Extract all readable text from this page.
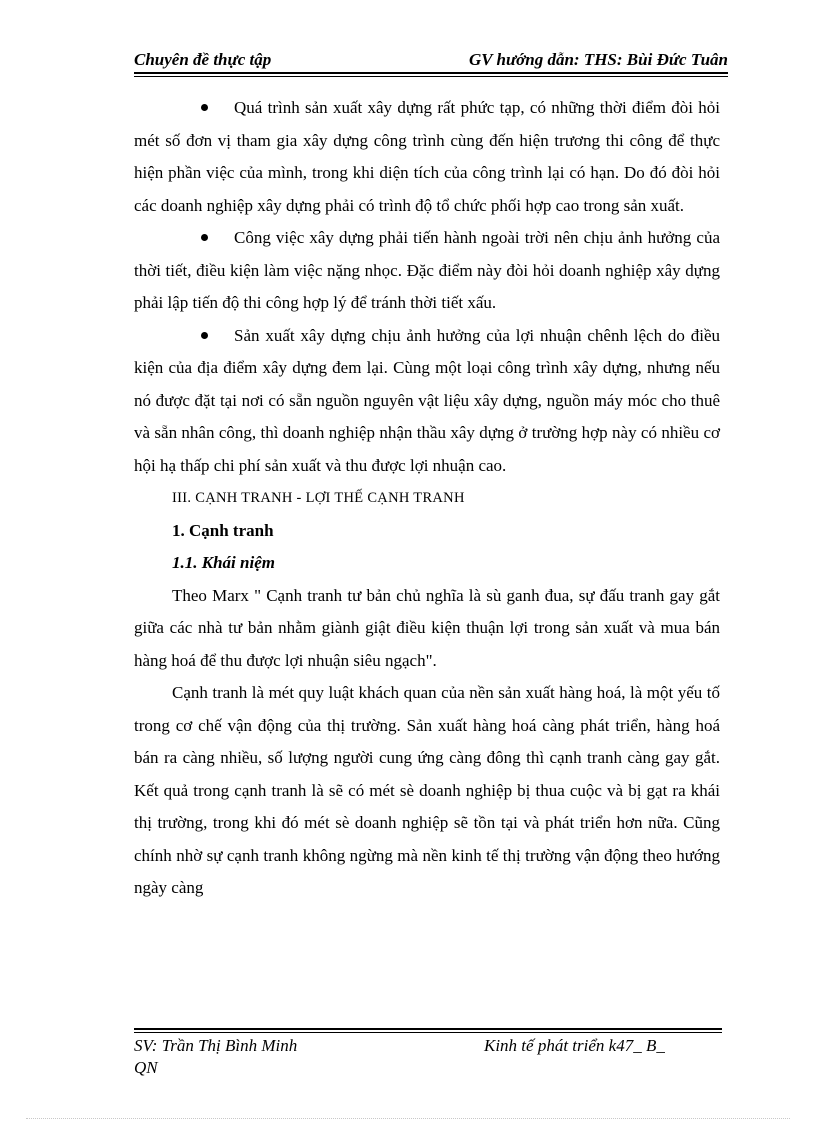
Chuyên đề thực tập	GV hướng dẫn: THS: Bùi Đức Tuân

Quá trình sản xuất xây dựng rất phức tạp, có những thời điểm đòi hỏi mét số đơn vị tham gia xây dựng công trình cùng đến hiện trương thi công để thực hiện phần việc của mình, trong khi diện tích của công trình lại có hạn. Do đó đòi hỏi các doanh nghiệp xây dựng phải có trình độ tổ chức phối hợp cao trong sản xuất.

Công việc xây dựng phải tiến hành ngoài trời nên chịu ảnh hưởng của thời tiết, điều kiện làm việc nặng nhọc. Đặc điểm này đòi hỏi doanh nghiệp xây dựng phải lập tiến độ thi công hợp lý để tránh thời tiết xấu.

Sản xuất xây dựng chịu ảnh hưởng của lợi nhuận chênh lệch do điều kiện của địa điểm xây dựng đem lại. Cùng một loại công trình xây dựng, nhưng nếu nó được đặt tại nơi có sẵn nguồn nguyên vật liệu xây dựng, nguồn máy móc cho thuê và sẵn nhân công, thì doanh nghiệp nhận thầu xây dựng ở trường hợp này có nhiều cơ hội hạ thấp chi phí sản xuất và thu được lợi nhuận cao.

III. CẠNH TRANH - LỢI THẾ CẠNH TRANH

1. Cạnh tranh

1.1. Khái niệm

Theo Marx " Cạnh tranh tư bản chủ nghĩa là sù ganh đua, sự đấu tranh gay gắt giữa các nhà tư bản nhằm giành giật điều kiện thuận lợi trong sản xuất và mua bán hàng hoá để thu được lợi nhuận siêu ngạch".

Cạnh tranh là mét quy luật khách quan của nền sản xuất hàng hoá, là một yếu tố trong cơ chế vận động của thị trường. Sản xuất hàng hoá càng phát triển, hàng hoá bán ra càng nhiều, số lượng người cung ứng càng đông thì cạnh tranh càng gay gắt. Kết quả trong cạnh tranh là sẽ có mét sè doanh nghiệp bị thua cuộc và bị gạt ra khái thị trường, trong khi đó mét sè doanh nghiệp sẽ tồn tại và phát triển hơn nữa. Cũng chính nhờ sự cạnh tranh không ngừng mà nền kinh tế thị trường vận động theo hướng ngày càng

SV: Trần Thị Bình Minh	Kinh tế phát triển k47_ B_
QN
